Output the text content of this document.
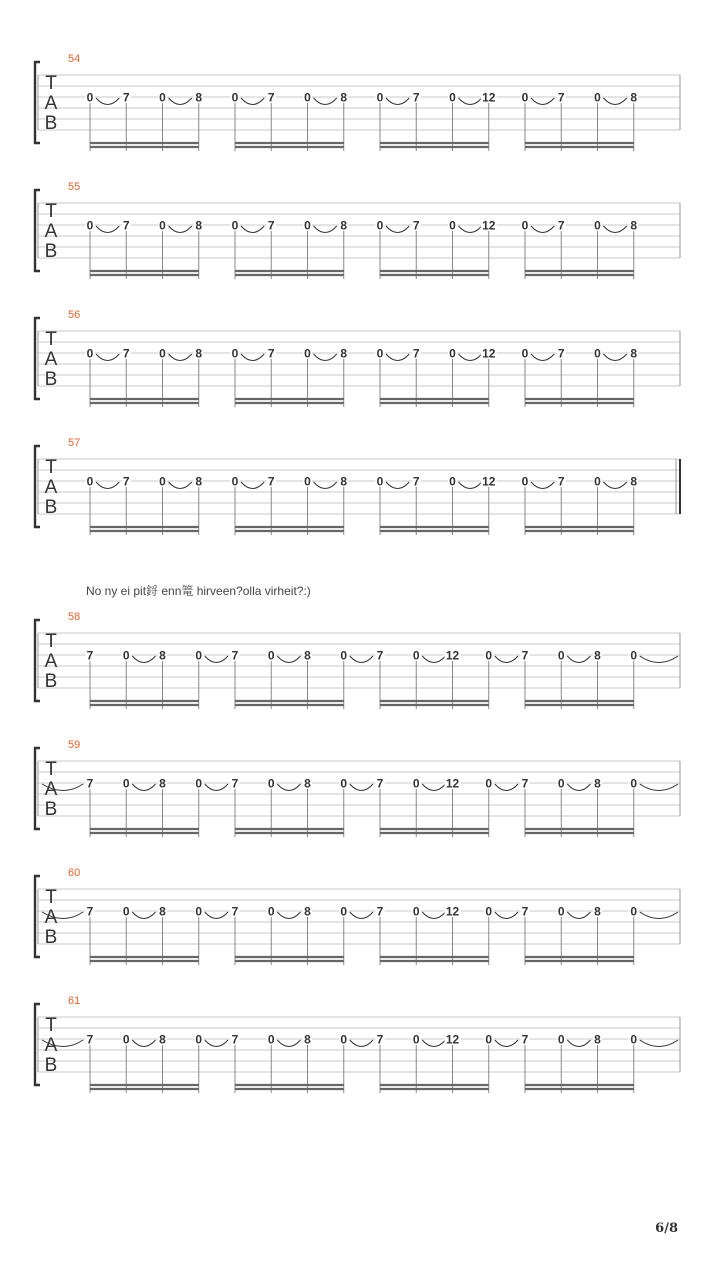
54
T
A
B
0 7 0 8 0 7 0 8 0 7 0 12 0 7 0 8
55
T
A
B
0 7 0 8 0 7 0 8 0 7 0 12 0 7 0 8
56
T
A
B
0 7 0 8 0 7 0 8 0 7 0 12 0 7 0 8
57
T
A
B
0 7 0 8 0 7 0 8 0 7 0 12 0 7 0 8
58
T
A
B
7 0 8 0 7 0 8 0 7 0 12 0 7 0 8 0
59
T
A
B
7 0 8 0 7 0 8 0 7 0 12 0 7 0 8 0
60
T
A
B
7 0 8 0 7 0 8 0 7 0 12 0 7 0 8 0
61
T
A
B
7 0 8 0 7 0 8 0 7 0 12 0 7 0 8 0
No ny ei pit鋝 enn篭 hirveen?olla virheit?:)
6/8
